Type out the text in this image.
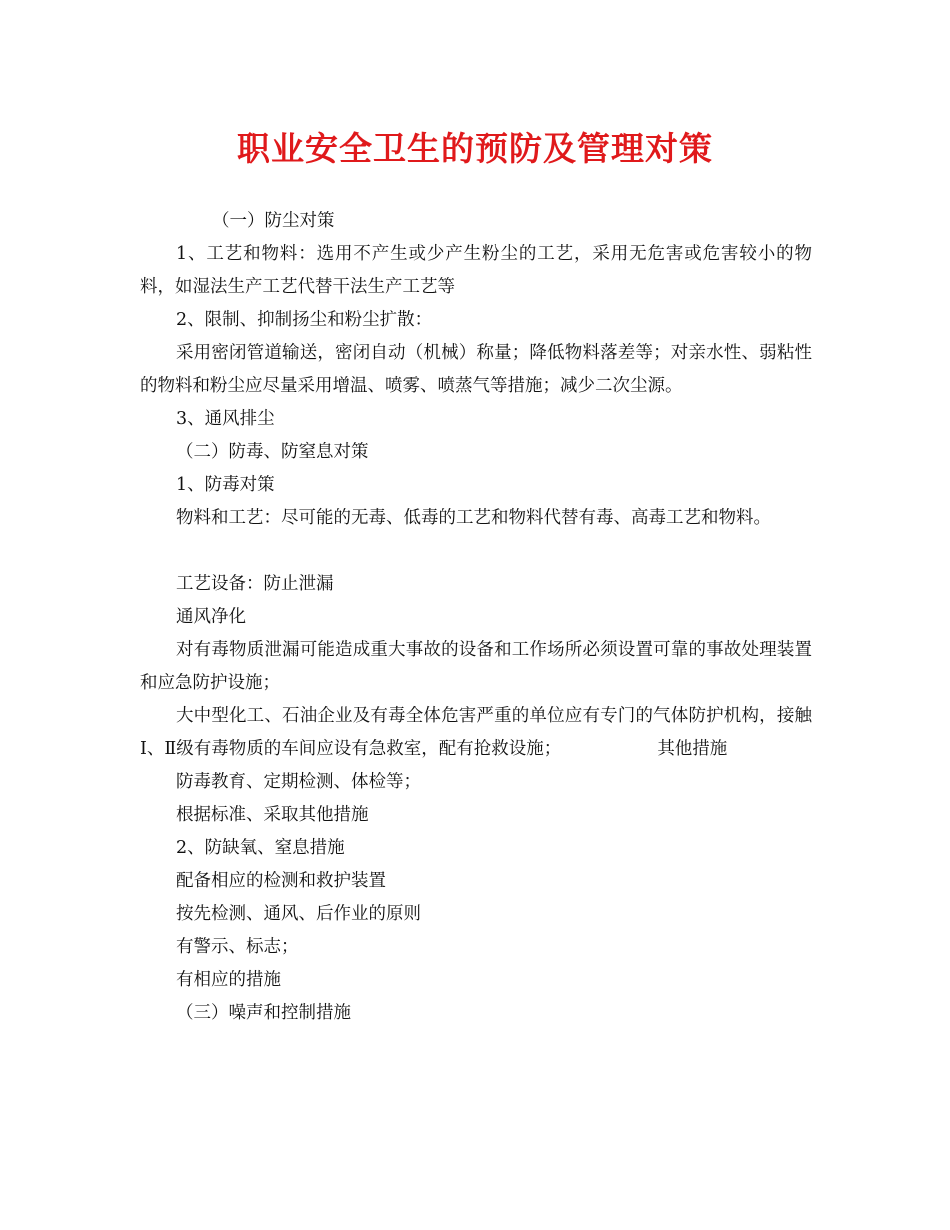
职业安全卫生的预防及管理对策

（一）防尘对策

1、工艺和物料：选用不产生或少产生粉尘的工艺，采用无危害或危害较小的物料，如湿法生产工艺代替干法生产工艺等

2、限制、抑制扬尘和粉尘扩散：

采用密闭管道输送，密闭自动（机械）称量；降低物料落差等；对亲水性、弱粘性的物料和粉尘应尽量采用增温、喷雾、喷蒸气等措施；减少二次尘源。

3、通风排尘

（二）防毒、防窒息对策

1、防毒对策

物料和工艺：尽可能的无毒、低毒的工艺和物料代替有毒、高毒工艺和物料。

工艺设备：防止泄漏

通风净化

对有毒物质泄漏可能造成重大事故的设备和工作场所必须设置可靠的事故处理装置和应急防护设施；

大中型化工、石油企业及有毒全体危害严重的单位应有专门的气体防护机构，接触Ⅰ、Ⅱ级有毒物质的车间应设有急救室，配有抢救设施；	其他措施

防毒教育、定期检测、体检等；

根据标准、采取其他措施

2、防缺氧、窒息措施

配备相应的检测和救护装置

按先检测、通风、后作业的原则

有警示、标志；

有相应的措施

（三）噪声和控制措施
